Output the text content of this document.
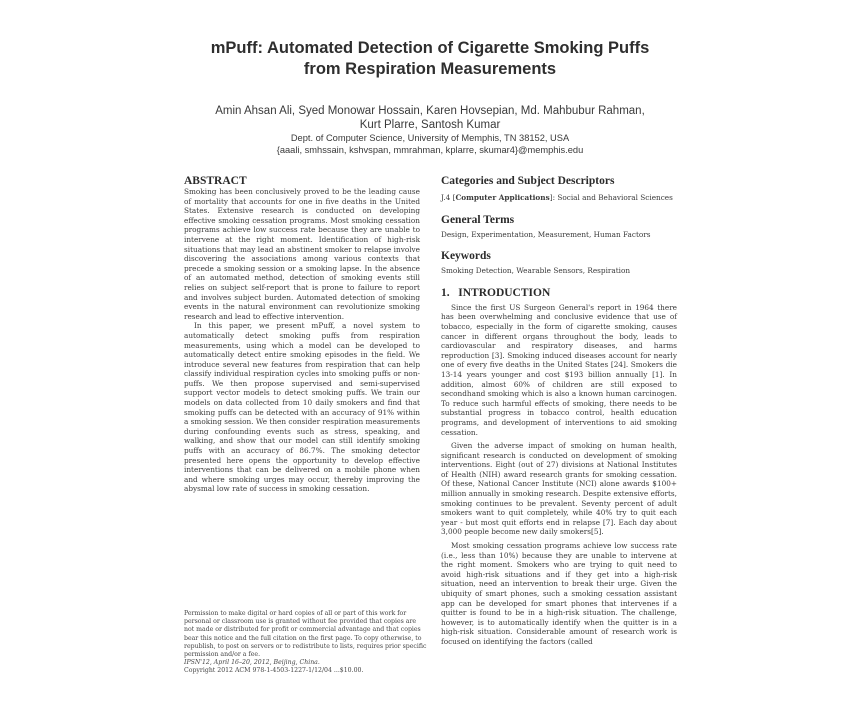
mPuff: Automated Detection of Cigarette Smoking Puffs
from Respiration Measurements
Amin Ahsan Ali, Syed Monowar Hossain, Karen Hovsepian, Md. Mahbubur Rahman,
Kurt Plarre, Santosh Kumar
Dept. of Computer Science, University of Memphis, TN 38152, USA
{aaali, smhssain, kshvspan, mmrahman, kplarre, skumar4}@memphis.edu
ABSTRACT

Smoking has been conclusively proved to be the leading cause of mortality that accounts for one in five deaths in the United States. Extensive research is conducted on developing effective smoking cessation programs. Most smoking cessation programs achieve low success rate because they are unable to intervene at the right moment. Identification of high-risk situations that may lead an abstinent smoker to relapse involve discovering the associations among various contexts that precede a smoking session or a smoking lapse. In the absence of an automated method, detection of smoking events still relies on subject self-report that is prone to failure to report and involves subject burden. Automated detection of smoking events in the natural environment can revolutionize smoking research and lead to effective intervention.

In this paper, we present mPuff, a novel system to automatically detect smoking puffs from respiration measurements, using which a model can be developed to automatically detect entire smoking episodes in the field. We introduce several new features from respiration that can help classify individual respiration cycles into smoking puffs or non-puffs. We then propose supervised and semi-supervised support vector models to detect smoking puffs. We train our models on data collected from 10 daily smokers and find that smoking puffs can be detected with an accuracy of 91% within a smoking session. We then consider respiration measurements during confounding events such as stress, speaking, and walking, and show that our model can still identify smoking puffs with an accuracy of 86.7%. The smoking detector presented here opens the opportunity to develop effective interventions that can be delivered on a mobile phone when and where smoking urges may occur, thereby improving the abysmal low rate of success in smoking cessation.

Permission to make digital or hard copies of all or part of this work for
personal or classroom use is granted without fee provided that copies are
not made or distributed for profit or commercial advantage and that copies
bear this notice and the full citation on the first page. To copy otherwise, to
republish, to post on servers or to redistribute to lists, requires prior specific
permission and/or a fee.
IPSN'12, April 16–20, 2012, Beijing, China.
Copyright 2012 ACM 978-1-4503-1227-1/12/04 ...$10.00.
Categories and Subject Descriptors

J.4 [Computer Applications]: Social and Behavioral Sciences

General Terms

Design, Experimentation, Measurement, Human Factors

Keywords

Smoking Detection, Wearable Sensors, Respiration

1.   INTRODUCTION

Since the first US Surgeon General's report in 1964 there has been overwhelming and conclusive evidence that use of tobacco, especially in the form of cigarette smoking, causes cancer in different organs throughout the body, leads to cardiovascular and respiratory diseases, and harms reproduction [3]. Smoking induced diseases account for nearly one of every five deaths in the United States [24]. Smokers die 13-14 years younger and cost $193 billion annually [1]. In addition, almost 60% of children are still exposed to secondhand smoking which is also a known human carcinogen. To reduce such harmful effects of smoking, there needs to be substantial progress in tobacco control, health education programs, and development of interventions to aid smoking cessation.

Given the adverse impact of smoking on human health, significant research is conducted on development of smoking interventions. Eight (out of 27) divisions at National Institutes of Health (NIH) award research grants for smoking cessation. Of these, National Cancer Institute (NCI) alone awards $100+ million annually in smoking research. Despite extensive efforts, smoking continues to be prevalent. Seventy percent of adult smokers want to quit completely, while 40% try to quit each year - but most quit efforts end in relapse [7]. Each day about 3,000 people become new daily smokers[5].

Most smoking cessation programs achieve low success rate (i.e., less than 10%) because they are unable to intervene at the right moment. Smokers who are trying to quit need to avoid high-risk situations and if they get into a high-risk situation, need an intervention to break their urge. Given the ubiquity of smart phones, such a smoking cessation assistant app can be developed for smart phones that intervenes if a quitter is found to be in a high-risk situation. The challenge, however, is to automatically identify when the quitter is in a high-risk situation. Considerable amount of research work is focused on identifying the factors (called
